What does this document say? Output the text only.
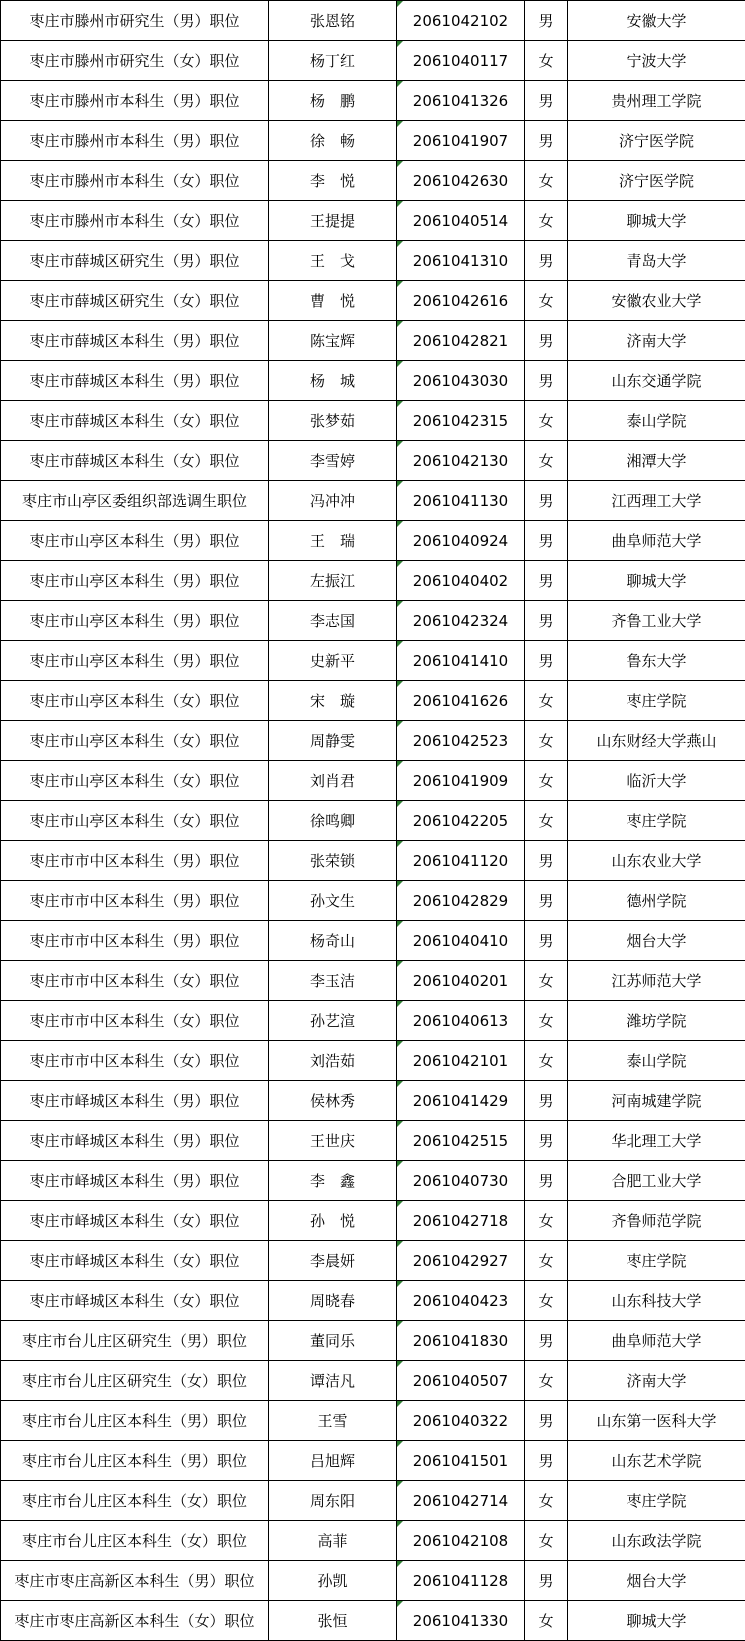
枣庄市滕州市研究生（男）职位	张恩铭	2061042102	男	安徽大学
枣庄市滕州市研究生（女）职位	杨丁红	2061040117	女	宁波大学
枣庄市滕州市本科生（男）职位	杨　鹏	2061041326	男	贵州理工学院
枣庄市滕州市本科生（男）职位	徐　畅	2061041907	男	济宁医学院
枣庄市滕州市本科生（女）职位	李　悦	2061042630	女	济宁医学院
枣庄市滕州市本科生（女）职位	王提提	2061040514	女	聊城大学
枣庄市薛城区研究生（男）职位	王　戈	2061041310	男	青岛大学
枣庄市薛城区研究生（女）职位	曹　悦	2061042616	女	安徽农业大学
枣庄市薛城区本科生（男）职位	陈宝辉	2061042821	男	济南大学
枣庄市薛城区本科生（男）职位	杨　城	2061043030	男	山东交通学院
枣庄市薛城区本科生（女）职位	张梦茹	2061042315	女	泰山学院
枣庄市薛城区本科生（女）职位	李雪婷	2061042130	女	湘潭大学
枣庄市山亭区委组织部选调生职位	冯冲冲	2061041130	男	江西理工大学
枣庄市山亭区本科生（男）职位	王　瑞	2061040924	男	曲阜师范大学
枣庄市山亭区本科生（男）职位	左振江	2061040402	男	聊城大学
枣庄市山亭区本科生（男）职位	李志国	2061042324	男	齐鲁工业大学
枣庄市山亭区本科生（男）职位	史新平	2061041410	男	鲁东大学
枣庄市山亭区本科生（女）职位	宋　璇	2061041626	女	枣庄学院
枣庄市山亭区本科生（女）职位	周静雯	2061042523	女	山东财经大学燕山
枣庄市山亭区本科生（女）职位	刘肖君	2061041909	女	临沂大学
枣庄市山亭区本科生（女）职位	徐鸣卿	2061042205	女	枣庄学院
枣庄市市中区本科生（男）职位	张荣锁	2061041120	男	山东农业大学
枣庄市市中区本科生（男）职位	孙文生	2061042829	男	德州学院
枣庄市市中区本科生（男）职位	杨奇山	2061040410	男	烟台大学
枣庄市市中区本科生（女）职位	李玉洁	2061040201	女	江苏师范大学
枣庄市市中区本科生（女）职位	孙艺渲	2061040613	女	潍坊学院
枣庄市市中区本科生（女）职位	刘浩茹	2061042101	女	泰山学院
枣庄市峄城区本科生（男）职位	侯林秀	2061041429	男	河南城建学院
枣庄市峄城区本科生（男）职位	王世庆	2061042515	男	华北理工大学
枣庄市峄城区本科生（男）职位	李　鑫	2061040730	男	合肥工业大学
枣庄市峄城区本科生（女）职位	孙　悦	2061042718	女	齐鲁师范学院
枣庄市峄城区本科生（女）职位	李晨妍	2061042927	女	枣庄学院
枣庄市峄城区本科生（女）职位	周晓春	2061040423	女	山东科技大学
枣庄市台儿庄区研究生（男）职位	董同乐	2061041830	男	曲阜师范大学
枣庄市台儿庄区研究生（女）职位	谭洁凡	2061040507	女	济南大学
枣庄市台儿庄区本科生（男）职位	王雪	2061040322	男	山东第一医科大学
枣庄市台儿庄区本科生（男）职位	吕旭辉	2061041501	男	山东艺术学院
枣庄市台儿庄区本科生（女）职位	周东阳	2061042714	女	枣庄学院
枣庄市台儿庄区本科生（女）职位	高菲	2061042108	女	山东政法学院
枣庄市枣庄高新区本科生（男）职位	孙凯	2061041128	男	烟台大学
枣庄市枣庄高新区本科生（女）职位	张恒	2061041330	女	聊城大学
